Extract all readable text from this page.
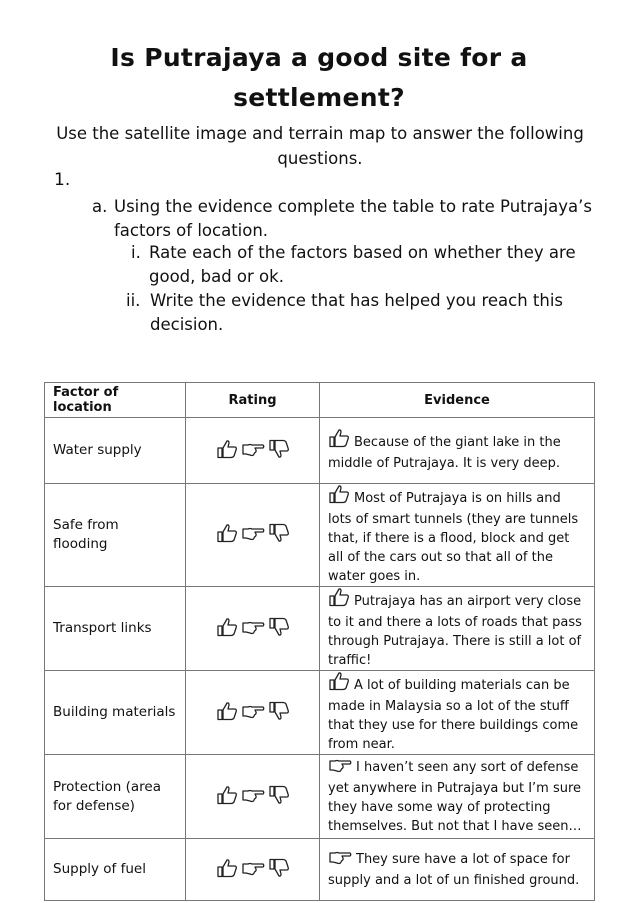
Is Putrajaya a good site for a
settlement?
Use the satellite image and terrain map to answer the following questions.
1.
a. Using the evidence complete the table to rate Putrajaya’s factors of location.
i. Rate each of the factors based on whether they are good, bad or ok.
ii. Write the evidence that has helped you reach this decision.
Factor of location	Rating	Evidence
Water supply		Because of the giant lake in the middle of Putrajaya. It is very deep.
Safe from flooding		Most of Putrajaya is on hills and lots of smart tunnels (they are tunnels that, if there is a flood, block and get all of the cars out so that all of the water goes in.
Transport links		Putrajaya has an airport very close to it and there a lots of roads that pass through Putrajaya. There is still a lot of traffic!
Building materials		A lot of building materials can be made in Malaysia so a lot of the stuff that they use for there buildings come from near.
Protection (area for defense)		I haven’t seen any sort of defense yet anywhere in Putrajaya but I’m sure they have some way of protecting themselves. But not that I have seen…
Supply of fuel		They sure have a lot of space for supply and a lot of un finished ground.
